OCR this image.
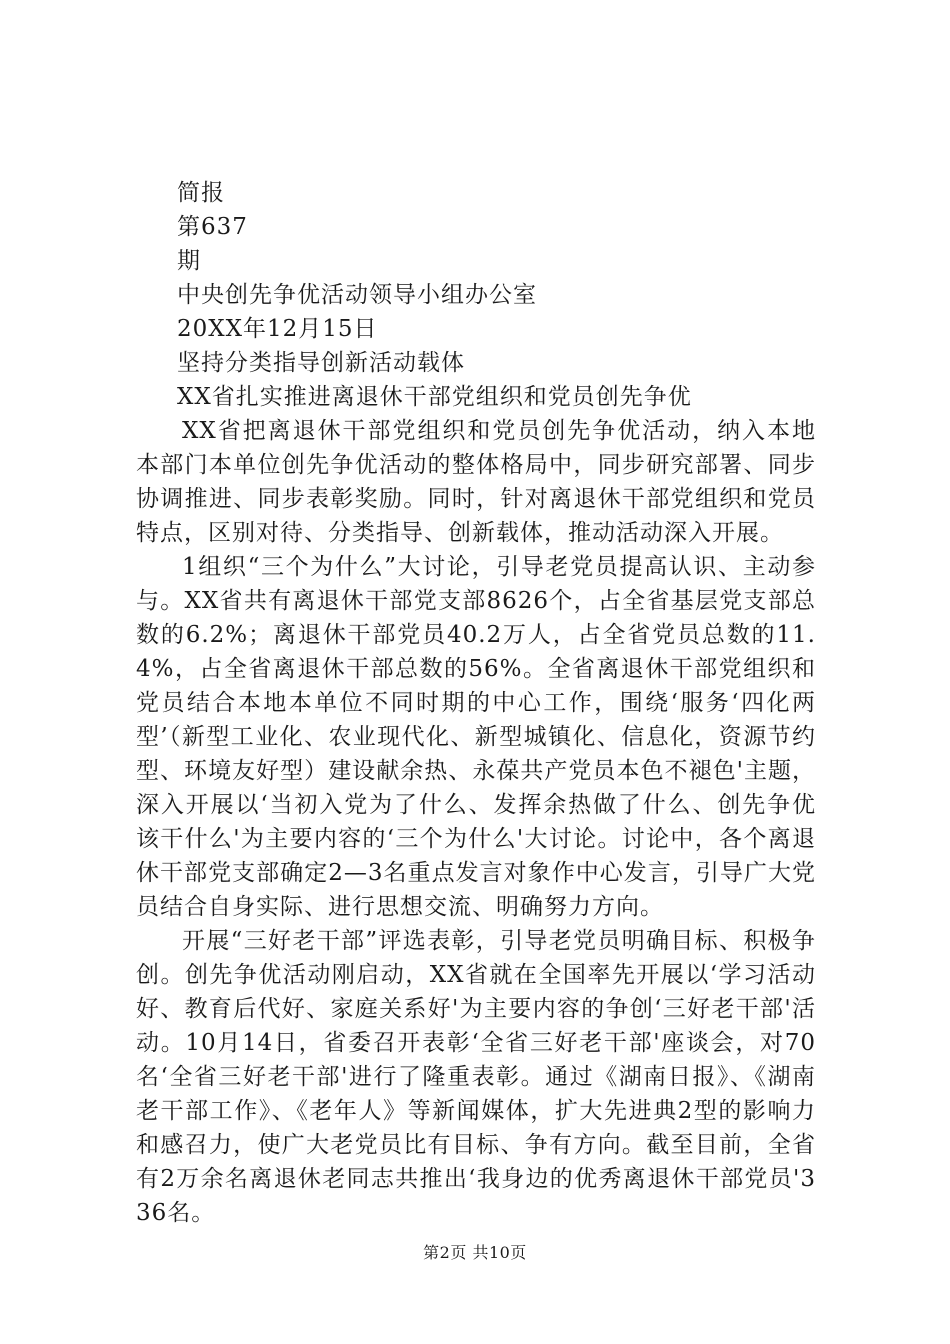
简报

第637

期

中央创先争优活动领导小组办公室

20XX年12月15日

坚持分类指导创新活动载体

XX省扎实推进离退休干部党组织和党员创先争优

XX省把离退休干部党组织和党员创先争优活动，纳入本地本部门本单位创先争优活动的整体格局中，同步研究部署、同步协调推进、同步表彰奖励。同时，针对离退休干部党组织和党员特点，区别对待、分类指导、创新载体，推动活动深入开展。

1组织“三个为什么”大讨论，引导老党员提高认识、主动参与。XX省共有离退休干部党支部8626个，占全省基层党支部总数的6.2%；离退休干部党员40.2万人，占全省党员总数的11.4%，占全省离退休干部总数的56%。全省离退休干部党组织和党员结合本地本单位不同时期的中心工作，围绕‘服务‘四化两型’（新型工业化、农业现代化、新型城镇化、信息化，资源节约型、环境友好型）建设献余热、永葆共产党员本色不褪色'主题，深入开展以‘当初入党为了什么、发挥余热做了什么、创先争优该干什么'为主要内容的‘三个为什么'大讨论。讨论中，各个离退休干部党支部确定2—3名重点发言对象作中心发言，引导广大党员结合自身实际、进行思想交流、明确努力方向。

开展“三好老干部”评选表彰，引导老党员明确目标、积极争创。创先争优活动刚启动，XX省就在全国率先开展以‘学习活动好、教育后代好、家庭关系好'为主要内容的争创‘三好老干部'活动。10月14日，省委召开表彰‘全省三好老干部'座谈会，对70名‘全省三好老干部'进行了隆重表彰。通过《湖南日报》、《湖南老干部工作》、《老年人》等新闻媒体，扩大先进典2型的影响力和感召力，使广大老党员比有目标、争有方向。截至目前，全省有2万余名离退休老同志共推出‘我身边的优秀离退休干部党员'336名。

第2页 共10页
